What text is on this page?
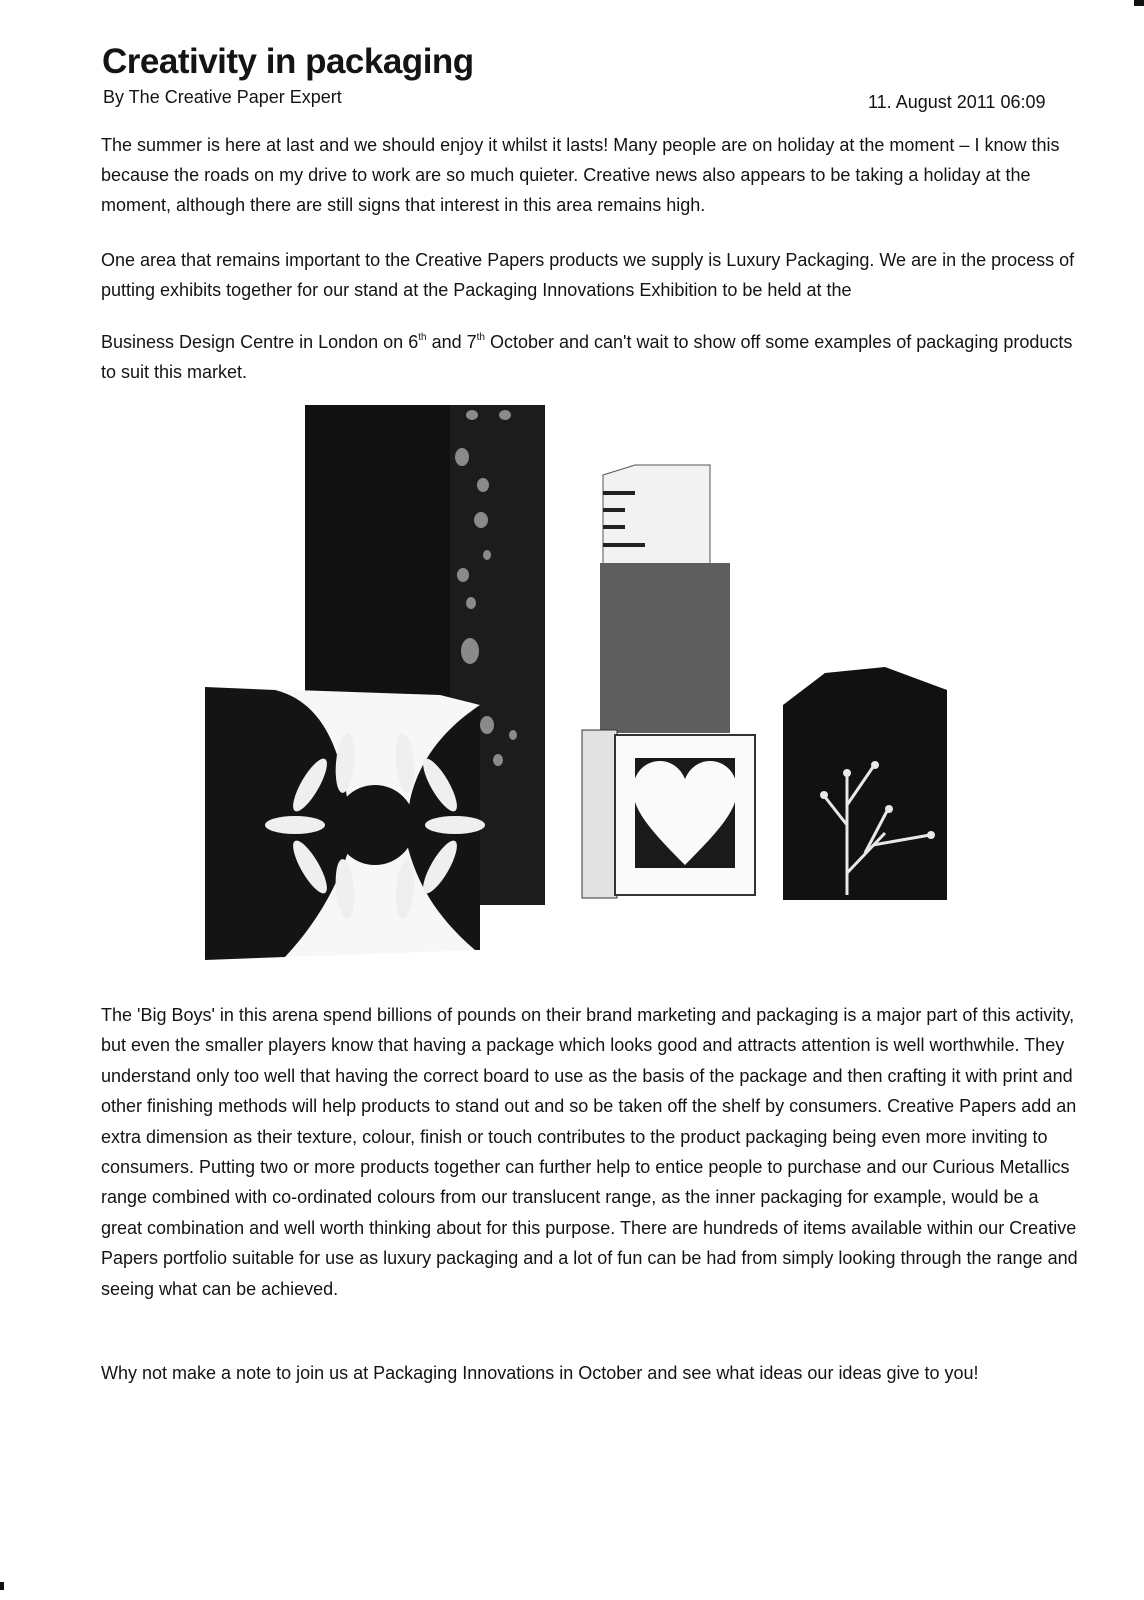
Creativity in packaging
By The Creative Paper Expert	11. August 2011 06:09

The summer is here at last and we should enjoy it whilst it lasts! Many people are on holiday at the moment – I know this because the roads on my drive to work are so much quieter. Creative news also appears to be taking a holiday at the moment, although there are still signs that interest in this area remains high.

One area that remains important to the Creative Papers products we supply is Luxury Packaging. We are in the process of putting exhibits together for our stand at the Packaging Innovations Exhibition to be held at the

Business Design Centre in London on 6th and 7th October and can't wait to show off some examples of packaging products to suit this market.

The 'Big Boys' in this arena spend billions of pounds on their brand marketing and packaging is a major part of this activity, but even the smaller players know that having a package which looks good and attracts attention is well worthwhile. They understand only too well that having the correct board to use as the basis of the package and then crafting it with print and other finishing methods will help products to stand out and so be taken off the shelf by consumers. Creative Papers add an extra dimension as their texture, colour, finish or touch contributes to the product packaging being even more inviting to consumers. Putting two or more products together can further help to entice people to purchase and our Curious Metallics range combined with co-ordinated colours from our translucent range, as the inner packaging for example, would be a great combination and well worth thinking about for this purpose. There are hundreds of items available within our Creative Papers portfolio suitable for use as luxury packaging and a lot of fun can be had from simply looking through the range and seeing what can be achieved.

Why not make a note to join us at Packaging Innovations in October and see what ideas our ideas give to you!
